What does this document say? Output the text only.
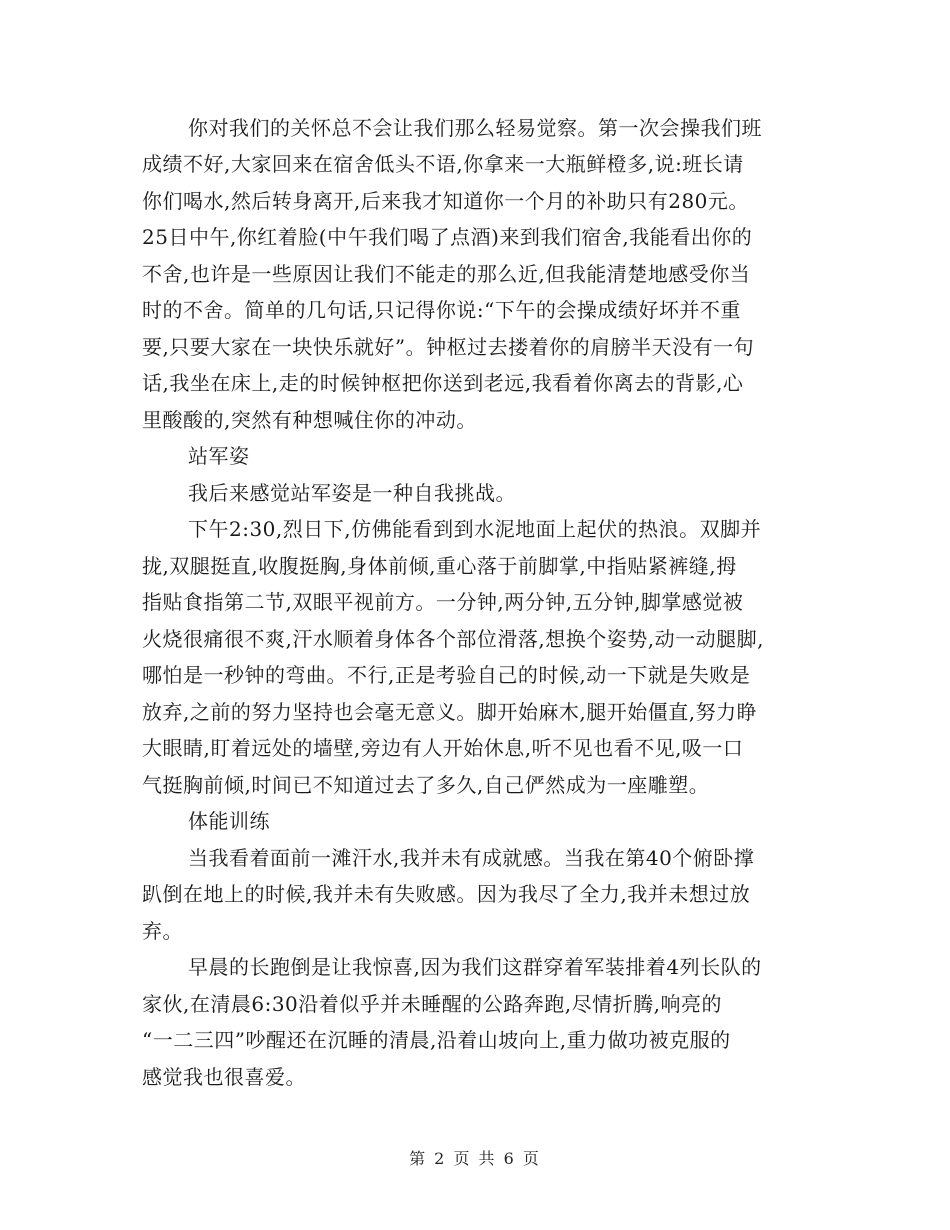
你对我们的关怀总不会让我们那么轻易觉察。第一次会操我们班
成绩不好,大家回来在宿舍低头不语,你拿来一大瓶鲜橙多,说:班长请
你们喝水,然后转身离开,后来我才知道你一个月的补助只有280元。
25日中午,你红着脸(中午我们喝了点酒)来到我们宿舍,我能看出你的
不舍,也许是一些原因让我们不能走的那么近,但我能清楚地感受你当
时的不舍。简单的几句话,只记得你说:“下午的会操成绩好坏并不重
要,只要大家在一块快乐就好”。钟枢过去搂着你的肩膀半天没有一句
话,我坐在床上,走的时候钟枢把你送到老远,我看着你离去的背影,心
里酸酸的,突然有种想喊住你的冲动。
站军姿
我后来感觉站军姿是一种自我挑战。
下午2:30,烈日下,仿佛能看到到水泥地面上起伏的热浪。双脚并
拢,双腿挺直,收腹挺胸,身体前倾,重心落于前脚掌,中指贴紧裤缝,拇
指贴食指第二节,双眼平视前方。一分钟,两分钟,五分钟,脚掌感觉被
火烧很痛很不爽,汗水顺着身体各个部位滑落,想换个姿势,动一动腿脚,
哪怕是一秒钟的弯曲。不行,正是考验自己的时候,动一下就是失败是
放弃,之前的努力坚持也会毫无意义。脚开始麻木,腿开始僵直,努力睁
大眼睛,盯着远处的墙壁,旁边有人开始休息,听不见也看不见,吸一口
气挺胸前倾,时间已不知道过去了多久,自己俨然成为一座雕塑。
体能训练
当我看着面前一滩汗水,我并未有成就感。当我在第40个俯卧撑
趴倒在地上的时候,我并未有失败感。因为我尽了全力,我并未想过放
弃。
早晨的长跑倒是让我惊喜,因为我们这群穿着军装排着4列长队的
家伙,在清晨6:30沿着似乎并未睡醒的公路奔跑,尽情折腾,响亮的
“一二三四”吵醒还在沉睡的清晨,沿着山坡向上,重力做功被克服的
感觉我也很喜爱。
第 2 页 共 6 页
